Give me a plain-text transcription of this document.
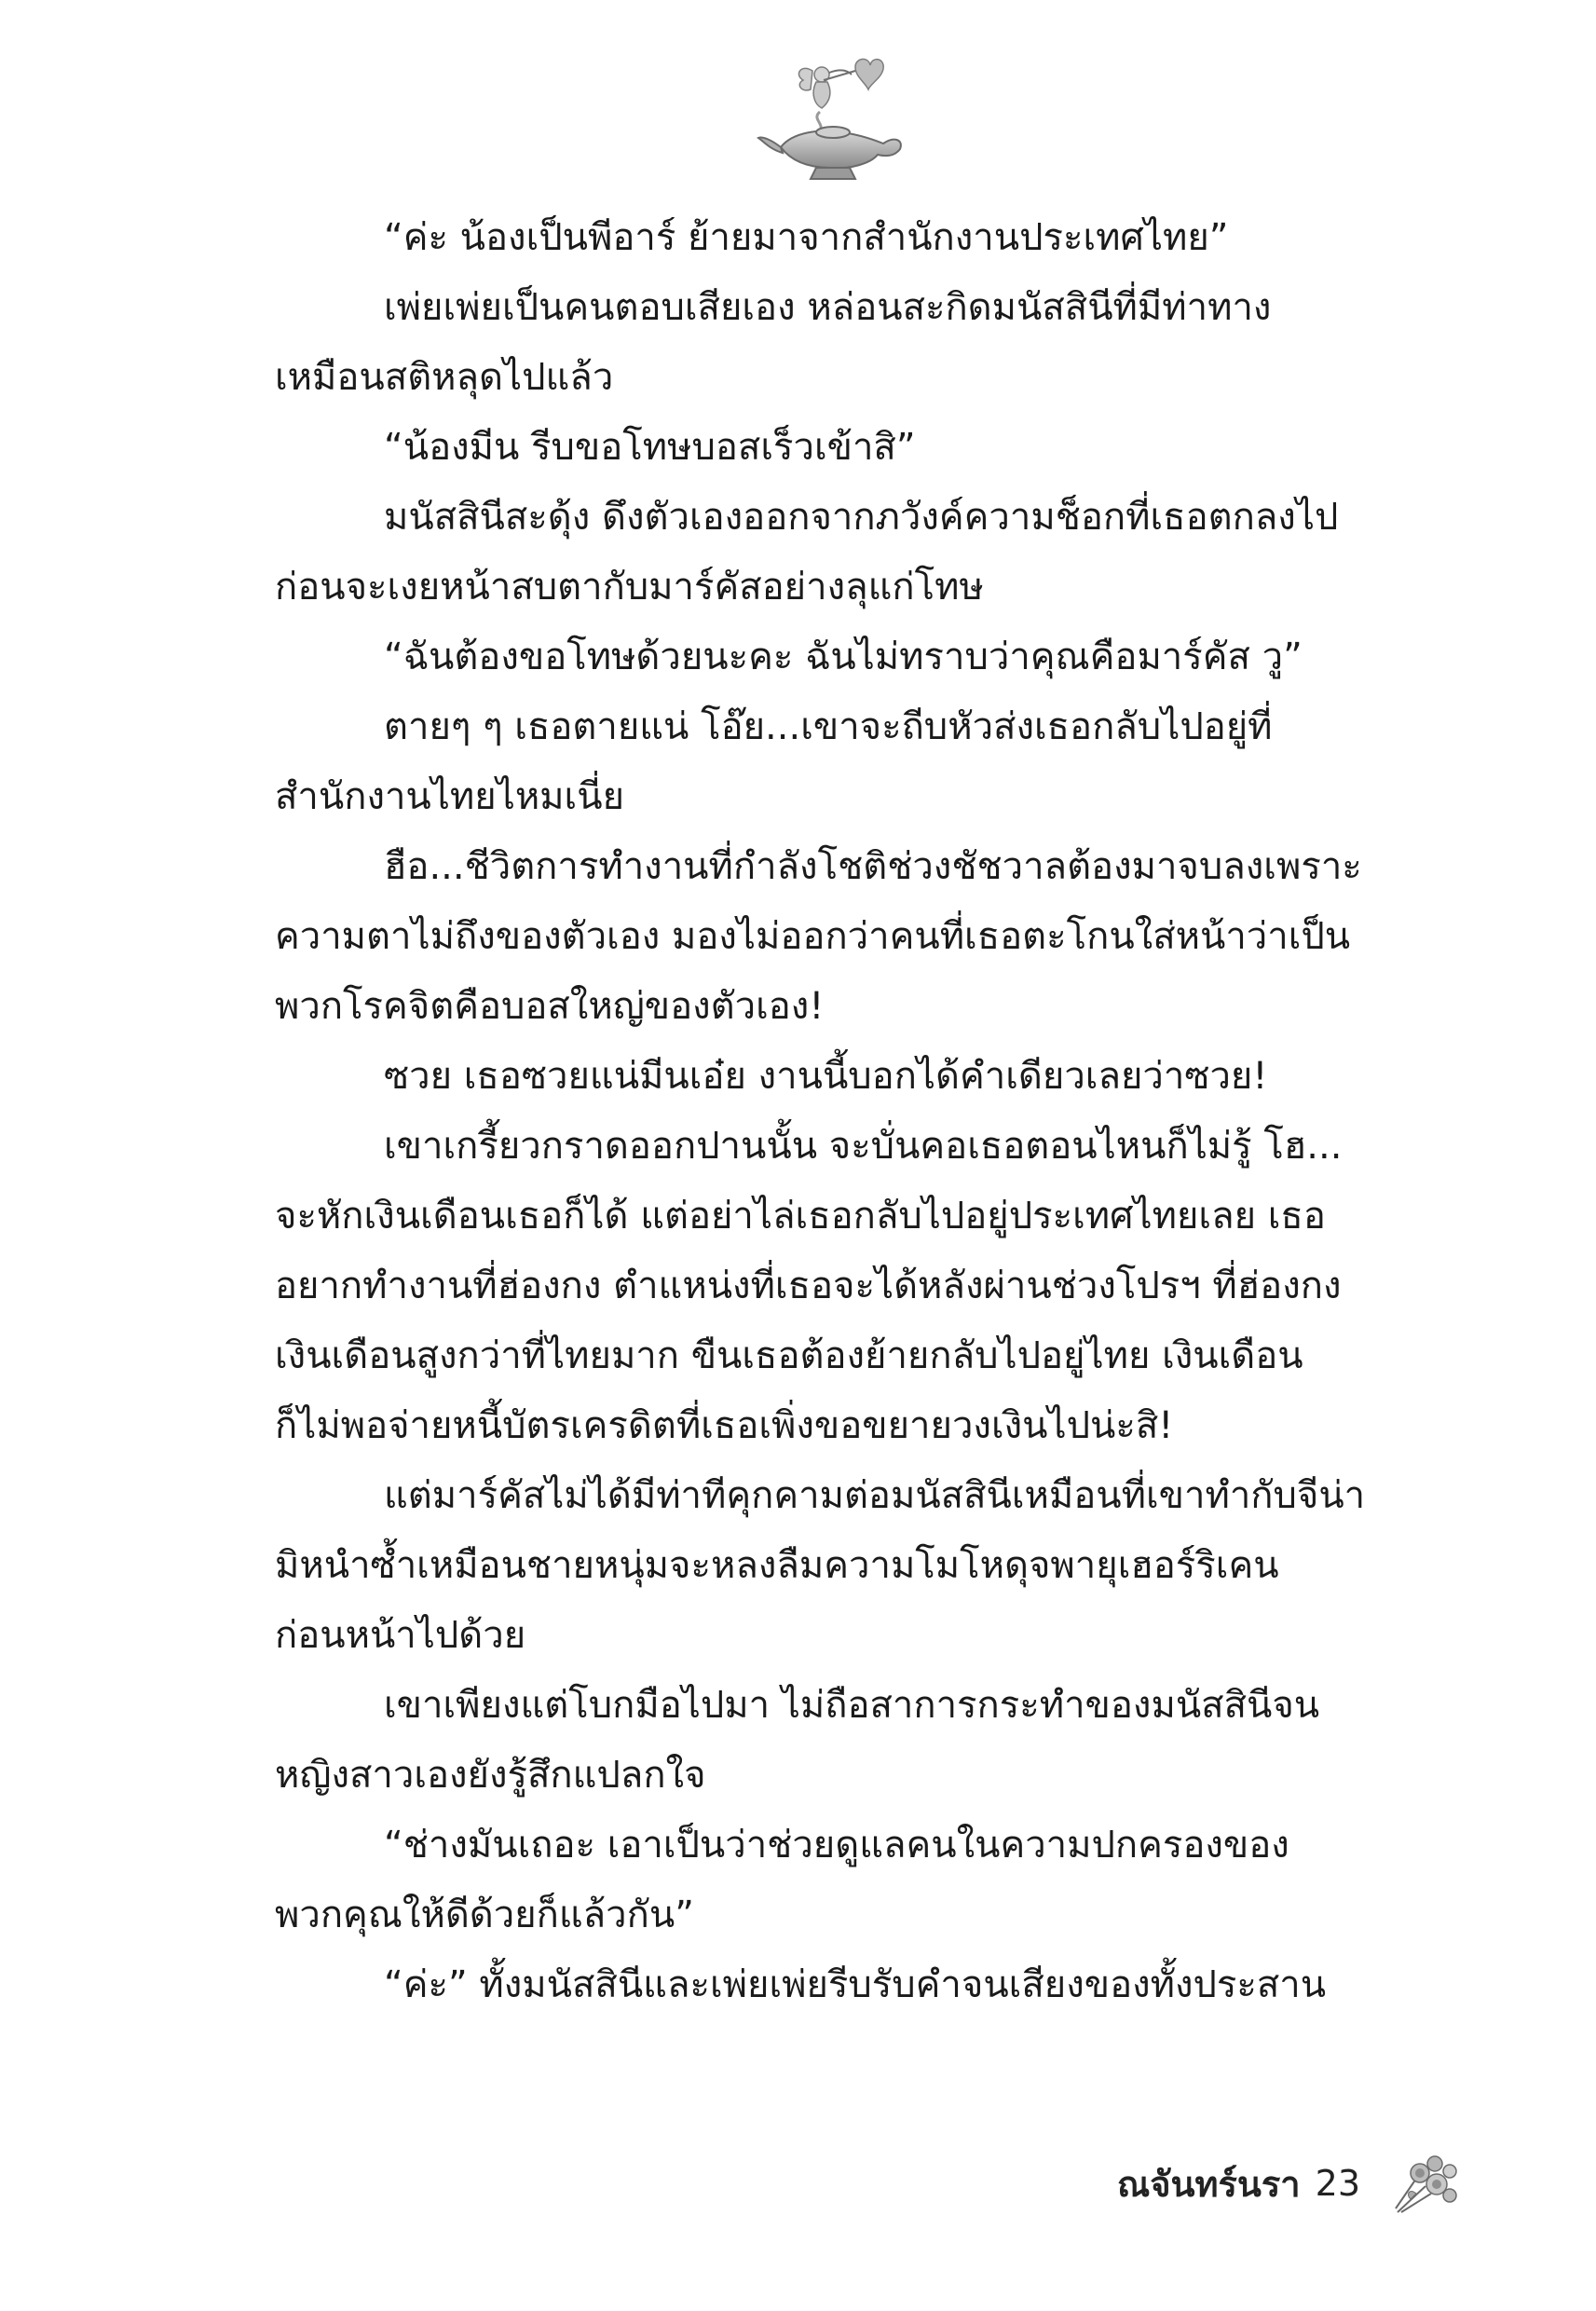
“ค่ะ น้องเป็นพีอาร์ ย้ายมาจากสำนักงานประเทศไทย”

เพ่ยเพ่ยเป็นคนตอบเสียเอง หล่อนสะกิดมนัสสินีที่มีท่าทาง

เหมือนสติหลุดไปแล้ว

“น้องมีน รีบขอโทษบอสเร็วเข้าสิ”

มนัสสินีสะดุ้ง ดึงตัวเองออกจากภวังค์ความช็อกที่เธอตกลงไป

ก่อนจะเงยหน้าสบตากับมาร์คัสอย่างลุแก่โทษ

“ฉันต้องขอโทษด้วยนะคะ ฉันไม่ทราบว่าคุณคือมาร์คัส วู”

ตายๆ ๆ เธอตายแน่ โอ๊ย...เขาจะถีบหัวส่งเธอกลับไปอยู่ที่

สำนักงานไทยไหมเนี่ย

ฮือ...ชีวิตการทำงานที่กำลังโชติช่วงชัชวาลต้องมาจบลงเพราะ

ความตาไม่ถึงของตัวเอง มองไม่ออกว่าคนที่เธอตะโกนใส่หน้าว่าเป็น

พวกโรคจิตคือบอสใหญ่ของตัวเอง!

ซวย เธอซวยแน่มีนเอ๋ย งานนี้บอกได้คำเดียวเลยว่าซวย!

เขาเกรี้ยวกราดออกปานนั้น จะบั่นคอเธอตอนไหนก็ไม่รู้ โฮ...

จะหักเงินเดือนเธอก็ได้ แต่อย่าไล่เธอกลับไปอยู่ประเทศไทยเลย เธอ

อยากทำงานที่ฮ่องกง ตำแหน่งที่เธอจะได้หลังผ่านช่วงโปรฯ ที่ฮ่องกง

เงินเดือนสูงกว่าที่ไทยมาก ขืนเธอต้องย้ายกลับไปอยู่ไทย เงินเดือน

ก็ไม่พอจ่ายหนี้บัตรเครดิตที่เธอเพิ่งขอขยายวงเงินไปน่ะสิ!

แต่มาร์คัสไม่ได้มีท่าทีคุกคามต่อมนัสสินีเหมือนที่เขาทำกับจีน่า

มิหนำซ้ำเหมือนชายหนุ่มจะหลงลืมความโมโหดุจพายุเฮอร์ริเคน

ก่อนหน้าไปด้วย

เขาเพียงแต่โบกมือไปมา ไม่ถือสาการกระทำของมนัสสินีจน

หญิงสาวเองยังรู้สึกแปลกใจ

“ช่างมันเถอะ เอาเป็นว่าช่วยดูแลคนในความปกครองของ

พวกคุณให้ดีด้วยก็แล้วกัน”

“ค่ะ” ทั้งมนัสสินีและเพ่ยเพ่ยรีบรับคำจนเสียงของทั้งประสาน

ณจันทร์นรา 23
